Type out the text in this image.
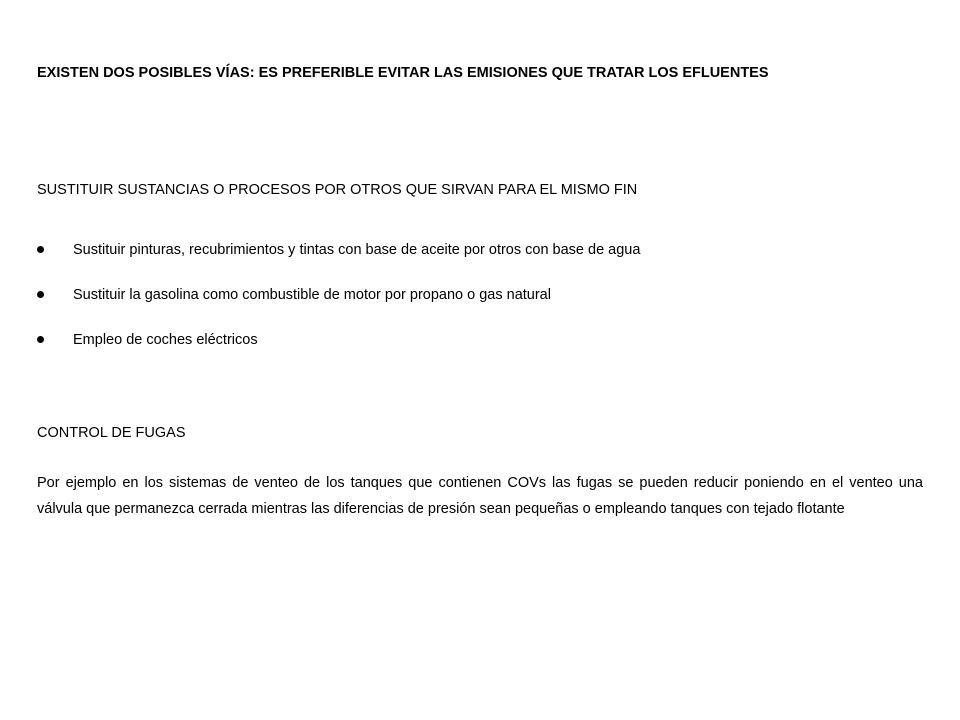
EXISTEN DOS POSIBLES VÍAS: ES PREFERIBLE EVITAR LAS EMISIONES QUE TRATAR LOS EFLUENTES
SUSTITUIR SUSTANCIAS O PROCESOS POR OTROS QUE SIRVAN PARA EL MISMO FIN
Sustituir pinturas, recubrimientos y tintas con base de aceite por otros con base de agua
Sustituir la gasolina como combustible de motor por propano o gas natural
Empleo de coches eléctricos
CONTROL DE FUGAS
Por ejemplo en los sistemas de venteo de los tanques que contienen COVs las fugas se pueden reducir poniendo en el venteo una válvula que permanezca cerrada mientras las diferencias de presión sean pequeñas o empleando tanques con tejado flotante
